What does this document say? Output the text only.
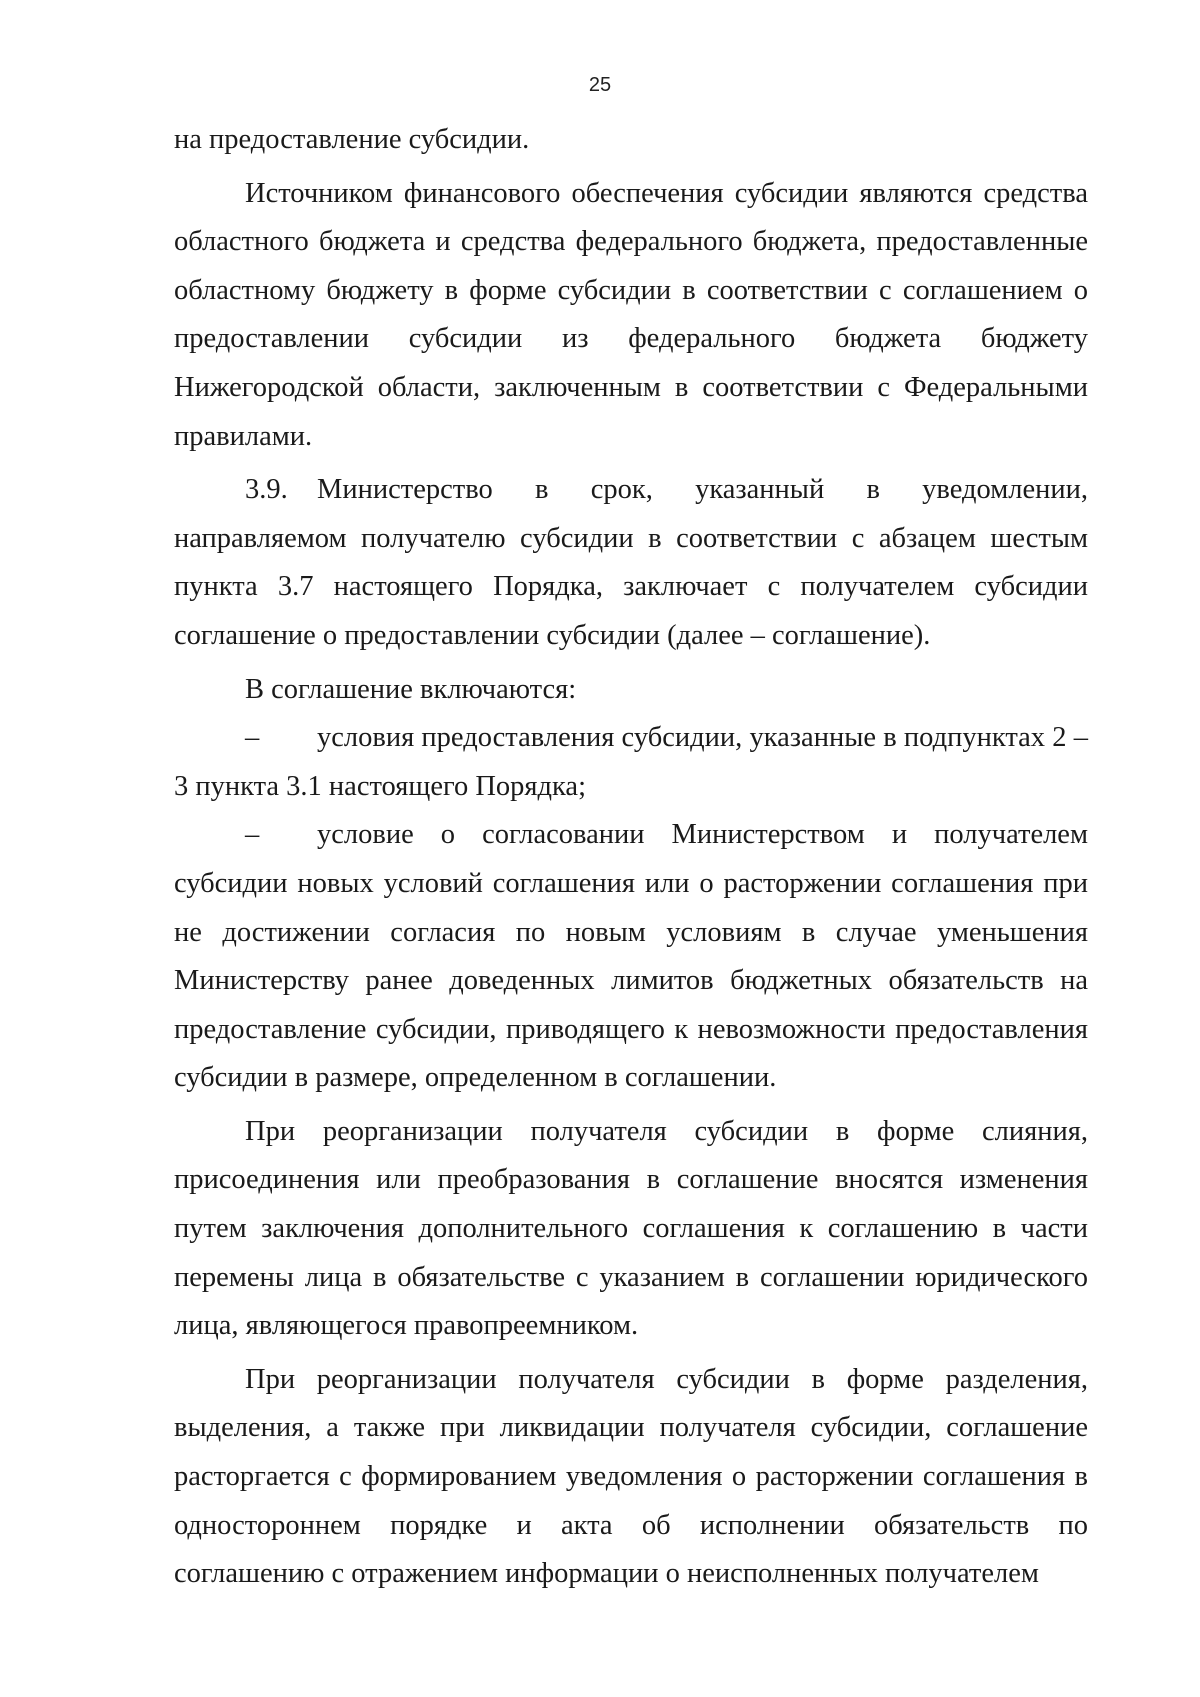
25

на предоставление субсидии.

Источником финансового обеспечения субсидии являются средства областного бюджета и средства федерального бюджета, предоставленные областному бюджету в форме субсидии в соответствии с соглашением о предоставлении субсидии из федерального бюджета бюджету Нижегородской области, заключенным в соответствии с Федеральными правилами.

3.9. Министерство в срок, указанный в уведомлении, направляемом получателю субсидии в соответствии с абзацем шестым пункта 3.7 настоящего Порядка, заключает с получателем субсидии соглашение о предоставлении субсидии (далее – соглашение).

В соглашение включаются:

– условия предоставления субсидии, указанные в подпунктах 2 – 3 пункта 3.1 настоящего Порядка;

– условие о согласовании Министерством и получателем субсидии новых условий соглашения или о расторжении соглашения при не достижении согласия по новым условиям в случае уменьшения Министерству ранее доведенных лимитов бюджетных обязательств на предоставление субсидии, приводящего к невозможности предоставления субсидии в размере, определенном в соглашении.

При реорганизации получателя субсидии в форме слияния, присоединения или преобразования в соглашение вносятся изменения путем заключения дополнительного соглашения к соглашению в части перемены лица в обязательстве с указанием в соглашении юридического лица, являющегося правопреемником.

При реорганизации получателя субсидии в форме разделения, выделения, а также при ликвидации получателя субсидии, соглашение расторгается с формированием уведомления о расторжении соглашения в одностороннем порядке и акта об исполнении обязательств по соглашению с отражением информации о неисполненных получателем
